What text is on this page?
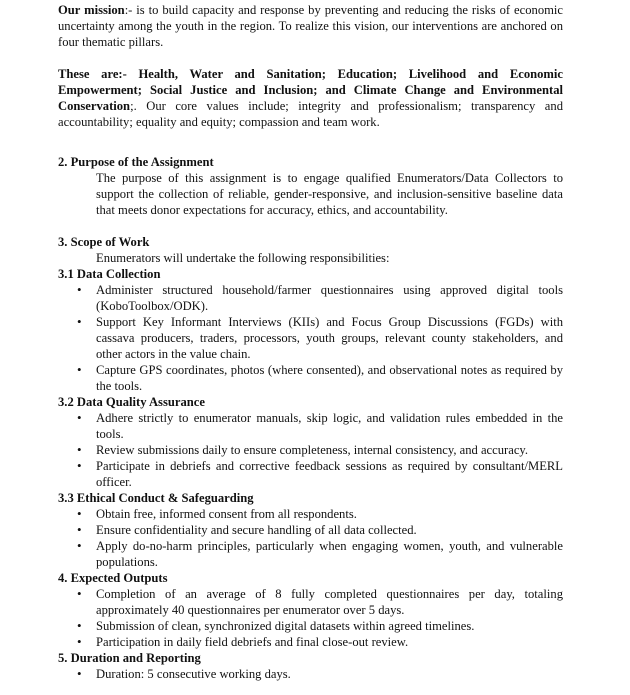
Our mission:- is to build capacity and response by preventing and reducing the risks of economic uncertainty among the youth in the region. To realize this vision, our interventions are anchored on four thematic pillars.

These are:- Health, Water and Sanitation; Education; Livelihood and Economic Empowerment; Social Justice and Inclusion; and Climate Change and Environmental Conservation;. Our core values include; integrity and professionalism; transparency and accountability; equality and equity; compassion and team work.

2. Purpose of the Assignment

The purpose of this assignment is to engage qualified Enumerators/Data Collectors to support the collection of reliable, gender-responsive, and inclusion-sensitive baseline data that meets donor expectations for accuracy, ethics, and accountability.

3. Scope of Work

Enumerators will undertake the following responsibilities:

3.1 Data Collection

• Administer structured household/farmer questionnaires using approved digital tools (KoboToolbox/ODK).
• Support Key Informant Interviews (KIIs) and Focus Group Discussions (FGDs) with cassava producers, traders, processors, youth groups, relevant county stakeholders, and other actors in the value chain.
• Capture GPS coordinates, photos (where consented), and observational notes as required by the tools.

3.2 Data Quality Assurance

• Adhere strictly to enumerator manuals, skip logic, and validation rules embedded in the tools.
• Review submissions daily to ensure completeness, internal consistency, and accuracy.
• Participate in debriefs and corrective feedback sessions as required by consultant/MERL officer.

3.3 Ethical Conduct & Safeguarding

• Obtain free, informed consent from all respondents.
• Ensure confidentiality and secure handling of all data collected.
• Apply do-no-harm principles, particularly when engaging women, youth, and vulnerable populations.

4. Expected Outputs

• Completion of an average of 8 fully completed questionnaires per day, totaling approximately 40 questionnaires per enumerator over 5 days.
• Submission of clean, synchronized digital datasets within agreed timelines.
• Participation in daily field debriefs and final close-out review.

5. Duration and Reporting

• Duration: 5 consecutive working days.
